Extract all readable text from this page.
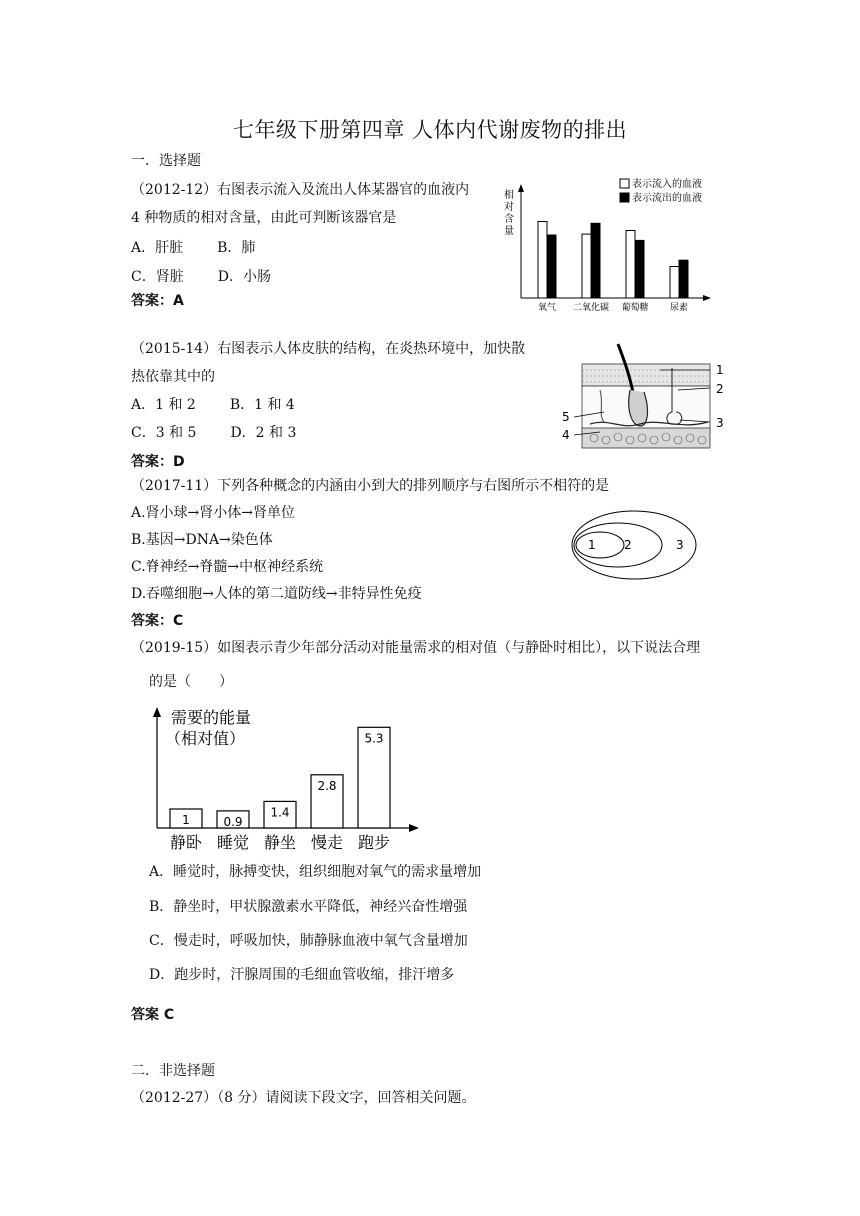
七年级下册第四章 人体内代谢废物的排出
一．选择题
（2012-12）右图表示流入及流出人体某器官的血液内
4 种物质的相对含量，由此可判断该器官是
A．肝脏 B．肺
C．肾脏 D．小肠
答案：A
相
对
含
量
氧气 二氧化碳 葡萄糖 尿素
表示流入的血液
表示流出的血液
（2015-14）右图表示人体皮肤的结构，在炎热环境中，加快散
热依靠其中的
A．1 和 2 B．1 和 4
C．3 和 5 D．2 和 3
答案：D
1
2
3
4
5
（2017-11）下列各种概念的内涵由小到大的排列顺序与右图所示不相符的是
A.肾小球→肾小体→肾单位
B.基因→DNA→染色体
C.脊神经→脊髓→中枢神经系统
D.吞噬细胞→人体的第二道防线→非特异性免疫
答案：C
1 2	3
（2019-15）如图表示青少年部分活动对能量需求的相对值（与静卧时相比），以下说法合理
的是（　　）
需要的能量
（相对值）
1
静卧
0.9
睡觉
1.4
静坐
2.8
慢走
5.3
跑步
A．睡觉时，脉搏变快，组织细胞对氧气的需求量增加
B．静坐时，甲状腺激素水平降低，神经兴奋性增强
C．慢走时，呼吸加快，肺静脉血液中氧气含量增加
D．跑步时，汗腺周围的毛细血管收缩，排汗增多
答案 C
二．非选择题
（2012-27）（8 分）请阅读下段文字，回答相关问题。
